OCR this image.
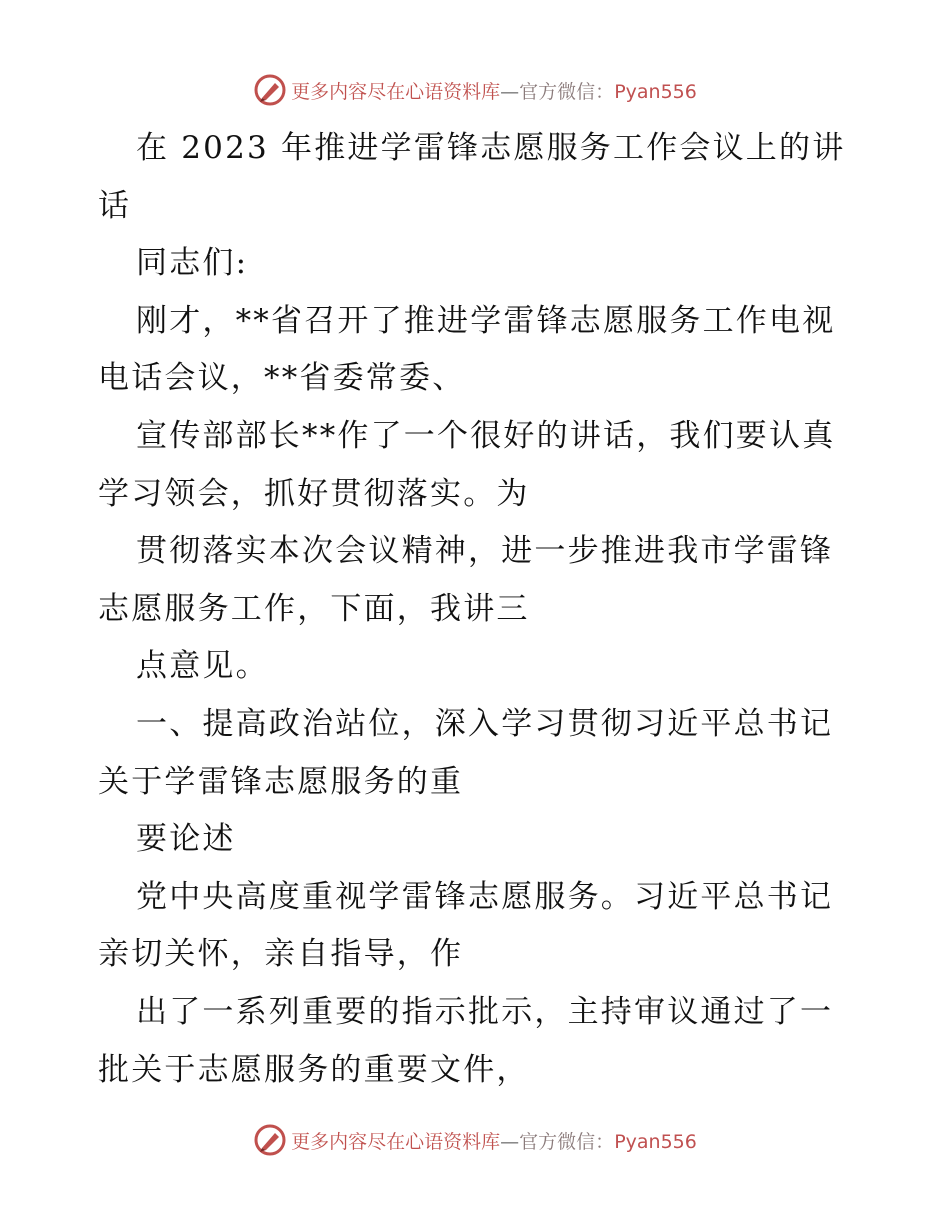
更多内容尽在心语资料库—官方微信：Pyan556
在 2023 年推进学雷锋志愿服务工作会议上的讲
话
同志们:
刚才，**省召开了推进学雷锋志愿服务工作电视
电话会议，**省委常委、
宣传部部长**作了一个很好的讲话，我们要认真
学习领会，抓好贯彻落实。为
贯彻落实本次会议精神，进一步推进我市学雷锋
志愿服务工作，下面，我讲三
点意见。
一、提高政治站位，深入学习贯彻习近平总书记
关于学雷锋志愿服务的重
要论述
党中央高度重视学雷锋志愿服务。习近平总书记
亲切关怀，亲自指导，作
出了一系列重要的指示批示，主持审议通过了一
批关于志愿服务的重要文件，
更多内容尽在心语资料库—官方微信：Pyan556
